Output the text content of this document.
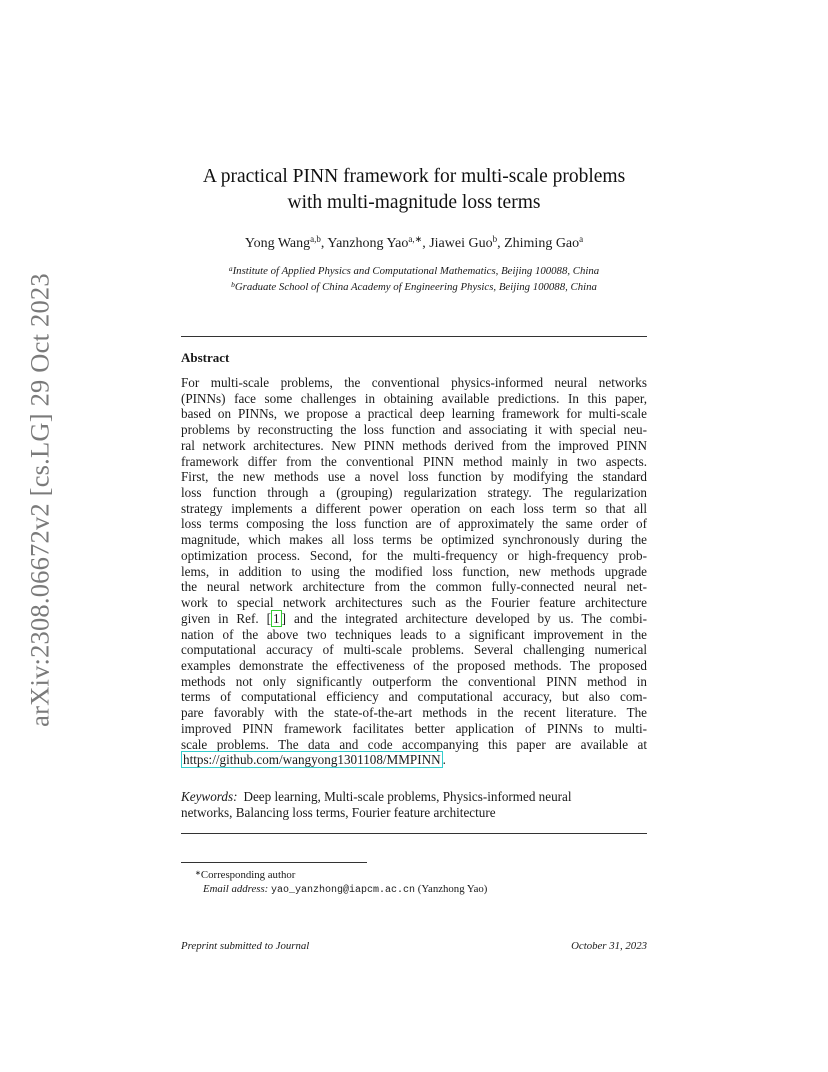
arXiv:2308.06672v2 [cs.LG] 29 Oct 2023
A practical PINN framework for multi-scale problems
with multi-magnitude loss terms
Yong Wang$^{a,b}$, Yanzhong Yao$^{a,∗}$, Jiawei Guo$^b$, Zhiming Gao$^a$
$^a$Institute of Applied Physics and Computational Mathematics, Beijing 100088, China
$^b$Graduate School of China Academy of Engineering Physics, Beijing 100088, China
Abstract
For multi-scale problems, the conventional physics-informed neural networks
(PINNs) face some challenges in obtaining available predictions. In this paper,
based on PINNs, we propose a practical deep learning framework for multi-scale
problems by reconstructing the loss function and associating it with special neu-
ral network architectures. New PINN methods derived from the improved PINN
framework differ from the conventional PINN method mainly in two aspects.
First, the new methods use a novel loss function by modifying the standard
loss function through a (grouping) regularization strategy. The regularization
strategy implements a different power operation on each loss term so that all
loss terms composing the loss function are of approximately the same order of
magnitude, which makes all loss terms be optimized synchronously during the
optimization process. Second, for the multi-frequency or high-frequency prob-
lems, in addition to using the modified loss function, new methods upgrade
the neural network architecture from the common fully-connected neural net-
work to special network architectures such as the Fourier feature architecture
given in Ref. [ 1 ] and the integrated architecture developed by us. The combi-
nation of the above two techniques leads to a significant improvement in the
computational accuracy of multi-scale problems. Several challenging numerical
examples demonstrate the effectiveness of the proposed methods. The proposed
methods not only significantly outperform the conventional PINN method in
terms of computational efficiency and computational accuracy, but also com-
pare favorably with the state-of-the-art methods in the recent literature. The
improved PINN framework facilitates better application of PINNs to multi-
scale problems. The data and code accompanying this paper are available at
https://github.com/wangyong1301108/MMPINN .
Keywords: Deep learning, Multi-scale problems, Physics-informed neural
networks, Balancing loss terms, Fourier feature architecture
∗Corresponding author
Email address: yao_yanzhong@iapcm.ac.cn (Yanzhong Yao)
Preprint submitted to Journal	October 31, 2023
